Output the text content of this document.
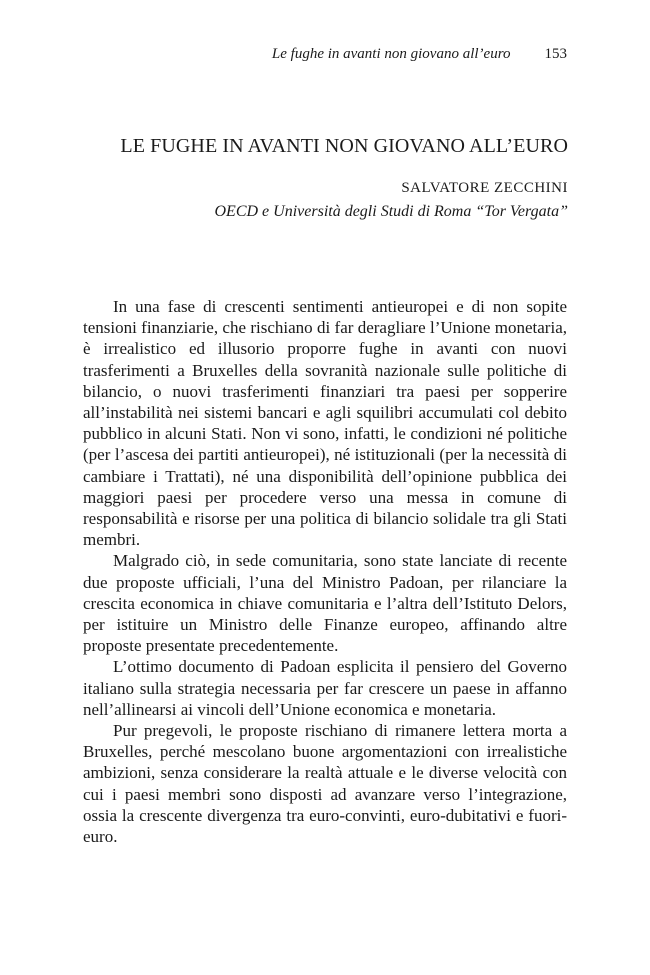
Le fughe in avanti non giovano all’euro 153
LE FUGHE IN AVANTI NON GIOVANO ALL’EURO
SALVATORE ZECCHINI
OECD e Università degli Studi di Roma “Tor Vergata”

In una fase di crescenti sentimenti antieuropei e di non sopite tensioni finanziarie, che rischiano di far deragliare l’Unione monetaria, è irrealistico ed illusorio proporre fughe in avanti con nuovi trasferimenti a Bruxelles della sovranità nazionale sulle politiche di bilancio, o nuovi trasferimenti finanziari tra paesi per sopperire all’instabilità nei sistemi bancari e agli squilibri accumulati col debito pubblico in alcuni Stati. Non vi sono, infatti, le condizioni né politiche (per l’ascesa dei partiti antieuropei), né istituzionali (per la necessità di cambiare i Trattati), né una disponibilità dell’opinione pubblica dei maggiori paesi per procedere verso una messa in comune di responsabilità e risorse per una politica di bilancio solidale tra gli Stati membri.

Malgrado ciò, in sede comunitaria, sono state lanciate di recente due proposte ufficiali, l’una del Ministro Padoan, per rilanciare la crescita economica in chiave comunitaria e l’altra dell’Istituto Delors, per istituire un Ministro delle Finanze europeo, affinando altre proposte presentate precedentemente.

L’ottimo documento di Padoan esplicita il pensiero del Governo italiano sulla strategia necessaria per far crescere un paese in affanno nell’allinearsi ai vincoli dell’Unione economica e monetaria.

Pur pregevoli, le proposte rischiano di rimanere lettera morta a Bruxelles, perché mescolano buone argomentazioni con irrealistiche ambizioni, senza considerare la realtà attuale e le diverse velocità con cui i paesi membri sono disposti ad avanzare verso l’integrazione, ossia la crescente divergenza tra euro-convinti, euro-dubitativi e fuori-euro.
